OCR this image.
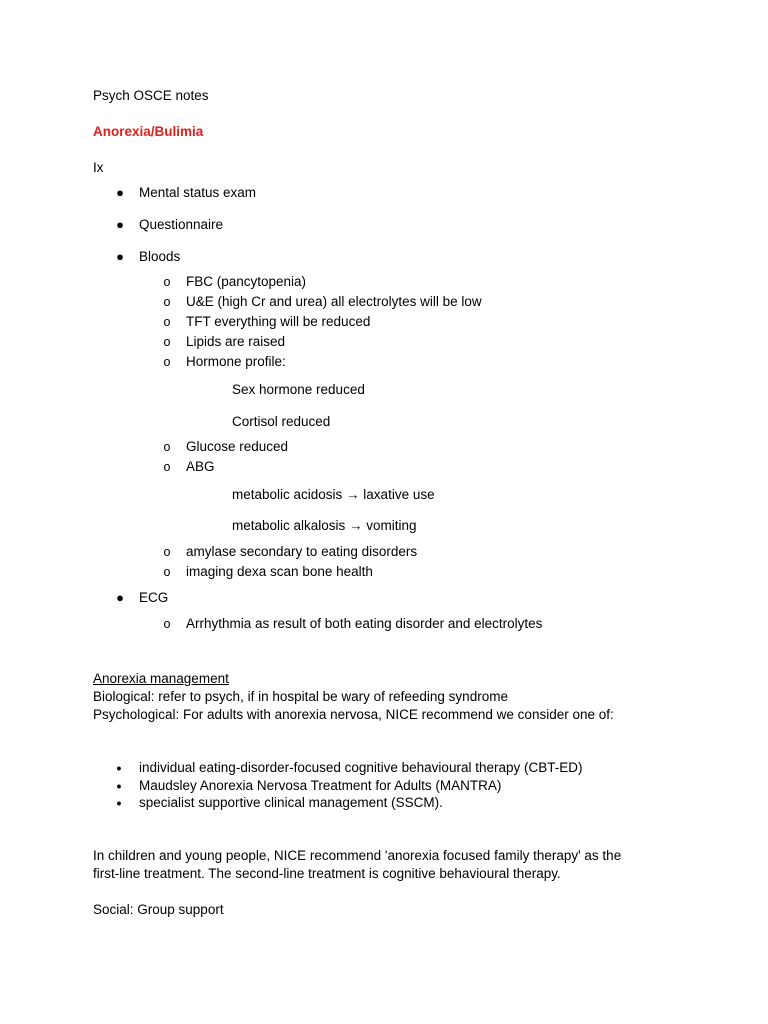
Psych OSCE notes
Anorexia/Bulimia
Ix
● Mental status exam
● Questionnaire
● Bloods
o FBC (pancytopenia)
o U&E (high Cr and urea) all electrolytes will be low
o TFT everything will be reduced
o Lipids are raised
o Hormone profile:
Sex hormone reduced
Cortisol reduced
o Glucose reduced
o ABG
metabolic acidosis → laxative use
metabolic alkalosis → vomiting
o amylase secondary to eating disorders
o imaging dexa scan bone health
● ECG
o Arrhythmia as result of both eating disorder and electrolytes
Anorexia management
Biological: refer to psych, if in hospital be wary of refeeding syndrome
Psychological: For adults with anorexia nervosa, NICE recommend we consider one of:
•	individual eating-disorder-focused cognitive behavioural therapy (CBT-ED)
•	Maudsley Anorexia Nervosa Treatment for Adults (MANTRA)
•	specialist supportive clinical management (SSCM).
In children and young people, NICE recommend 'anorexia focused family therapy' as the
first-line treatment. The second-line treatment is cognitive behavioural therapy.
Social: Group support
